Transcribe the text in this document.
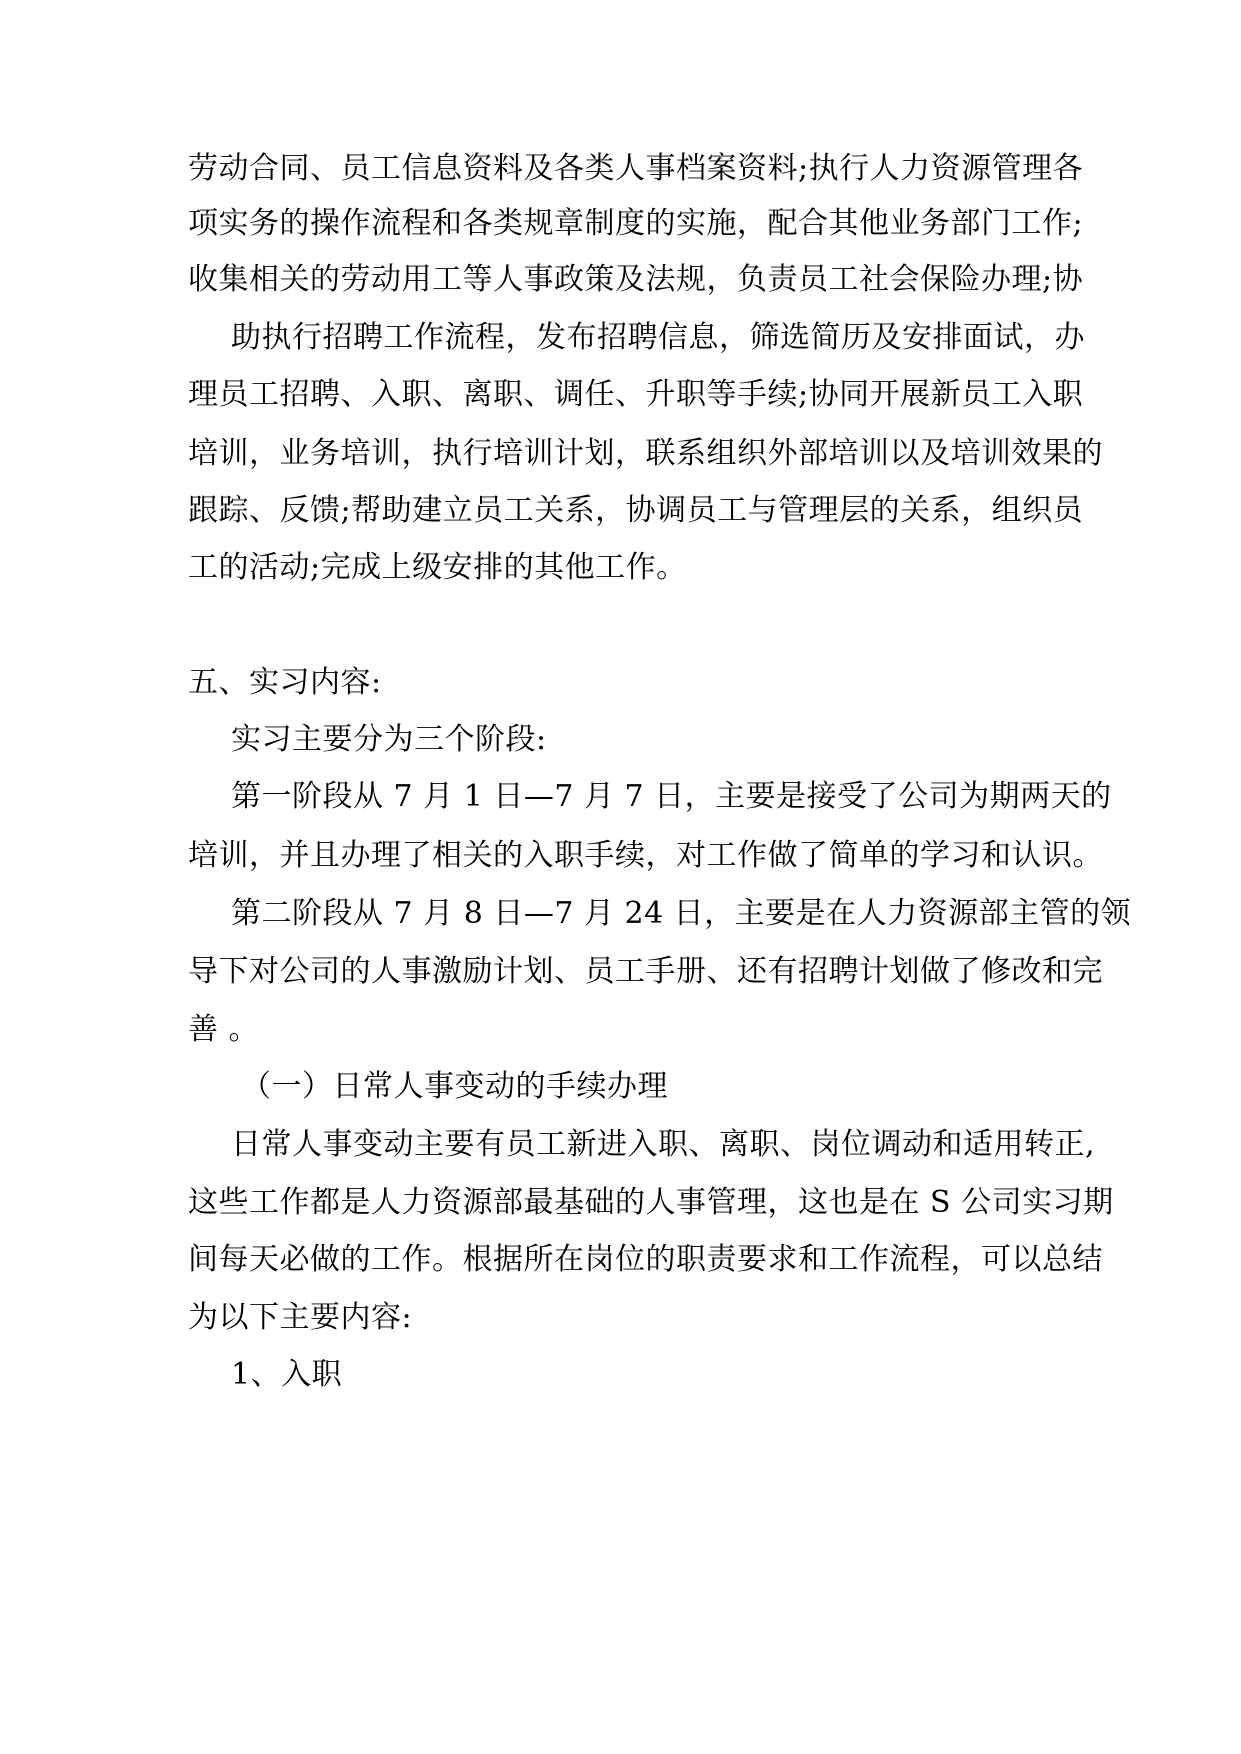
劳动合同、员工信息资料及各类人事档案资料;执行人力资源管理各
项实务的操作流程和各类规章制度的实施，配合其他业务部门工作;
收集相关的劳动用工等人事政策及法规，负责员工社会保险办理;协
助执行招聘工作流程，发布招聘信息，筛选简历及安排面试，办
理员工招聘、入职、离职、调任、升职等手续;协同开展新员工入职
培训，业务培训，执行培训计划，联系组织外部培训以及培训效果的
跟踪、反馈;帮助建立员工关系，协调员工与管理层的关系，组织员
工的活动;完成上级安排的其他工作。
五、实习内容:
实习主要分为三个阶段:
第一阶段从 7 月 1 日—7 月 7 日，主要是接受了公司为期两天的
培训，并且办理了相关的入职手续，对工作做了简单的学习和认识。
第二阶段从 7 月 8 日—7 月 24 日，主要是在人力资源部主管的领
导下对公司的人事激励计划、员工手册、还有招聘计划做了修改和完
善 。
（一）日常人事变动的手续办理
日常人事变动主要有员工新进入职、离职、岗位调动和适用转正,
这些工作都是人力资源部最基础的人事管理，这也是在 S 公司实习期
间每天必做的工作。根据所在岗位的职责要求和工作流程，可以总结
为以下主要内容:
1、入职
